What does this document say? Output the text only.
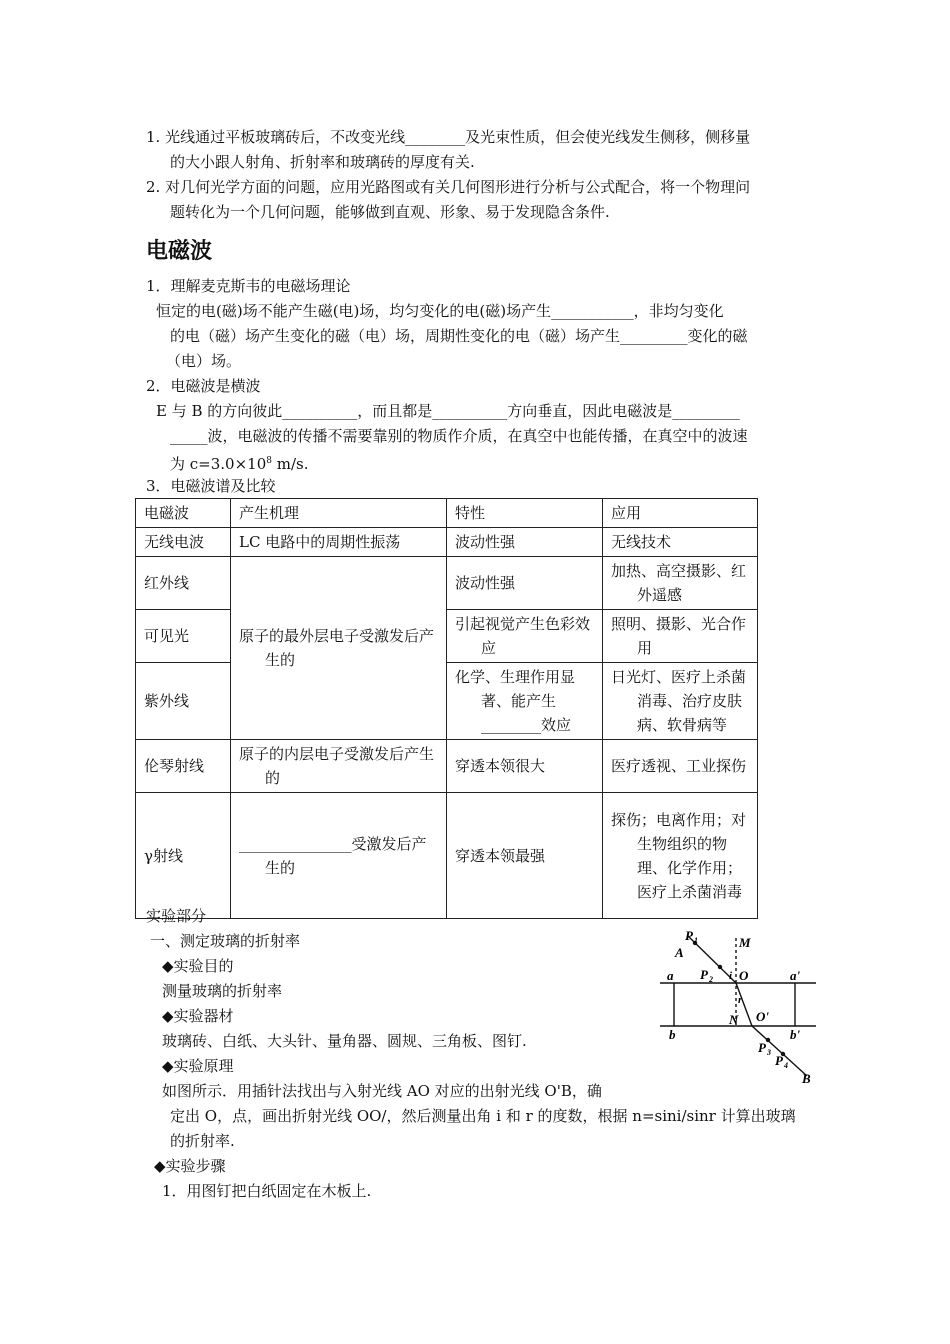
1. 光线通过平板玻璃砖后，不改变光线________及光束性质，但会使光线发生侧移，侧移量
的大小跟人射角、折射率和玻璃砖的厚度有关.
2. 对几何光学方面的问题，应用光路图或有关几何图形进行分析与公式配合，将一个物理问
题转化为一个几何问题，能够做到直观、形象、易于发现隐含条件.
电磁波
1．理解麦克斯韦的电磁场理论
恒定的电(磁)场不能产生磁(电)场，均匀变化的电(磁)场产生___________，非均匀变化
的电（磁）场产生变化的磁（电）场，周期性变化的电（磁）场产生_________变化的磁
（电）场。
2．电磁波是横波
E 与 B 的方向彼此__________，而且都是__________方向垂直，因此电磁波是_________
_____波，电磁波的传播不需要靠别的物质作介质，在真空中也能传播，在真空中的波速
为 $c=3.0\times 10^8$ m/s.
3．电磁波谱及比较
电磁波	产生机理	特性	应用
无线电波	LC 电路中的周期性振荡	波动性强	无线技术
红外线	原子的最外层电子受激发后产生的	波动性强	加热、高空摄影、红外遥感
可见光		引起视觉产生色彩效应	照明、摄影、光合作用
紫外线		化学、生理作用显著、能产生________效应	日光灯、医疗上杀菌消毒、治疗皮肤病、软骨病等
伦琴射线	原子的内层电子受激发后产生的	穿透本领很大	医疗透视、工业探伤
γ射线	_______________受激发后产生的	穿透本领最强	探伤；电离作用；对生物组织的物理、化学作用；医疗上杀菌消毒
实验部分
一、测定玻璃的折射率
◆实验目的
测量玻璃的折射率
◆实验器材
玻璃砖、白纸、大头针、量角器、圆规、三角板、图钉.
◆实验原理
如图所示．用插针法找出与入射光线 AO 对应的出射光线 O'B，确
定出 O，点，画出折射光线 OO/，然后测量出角 i 和 r 的度数，根据 n=sini/sinr 计算出玻璃
的折射率.
◆实验步骤
1．用图钉把白纸固定在木板上.
P 1
A
P 2
M
i O
a	a'
r
N O'
b	b'
P 3
P 4
B
